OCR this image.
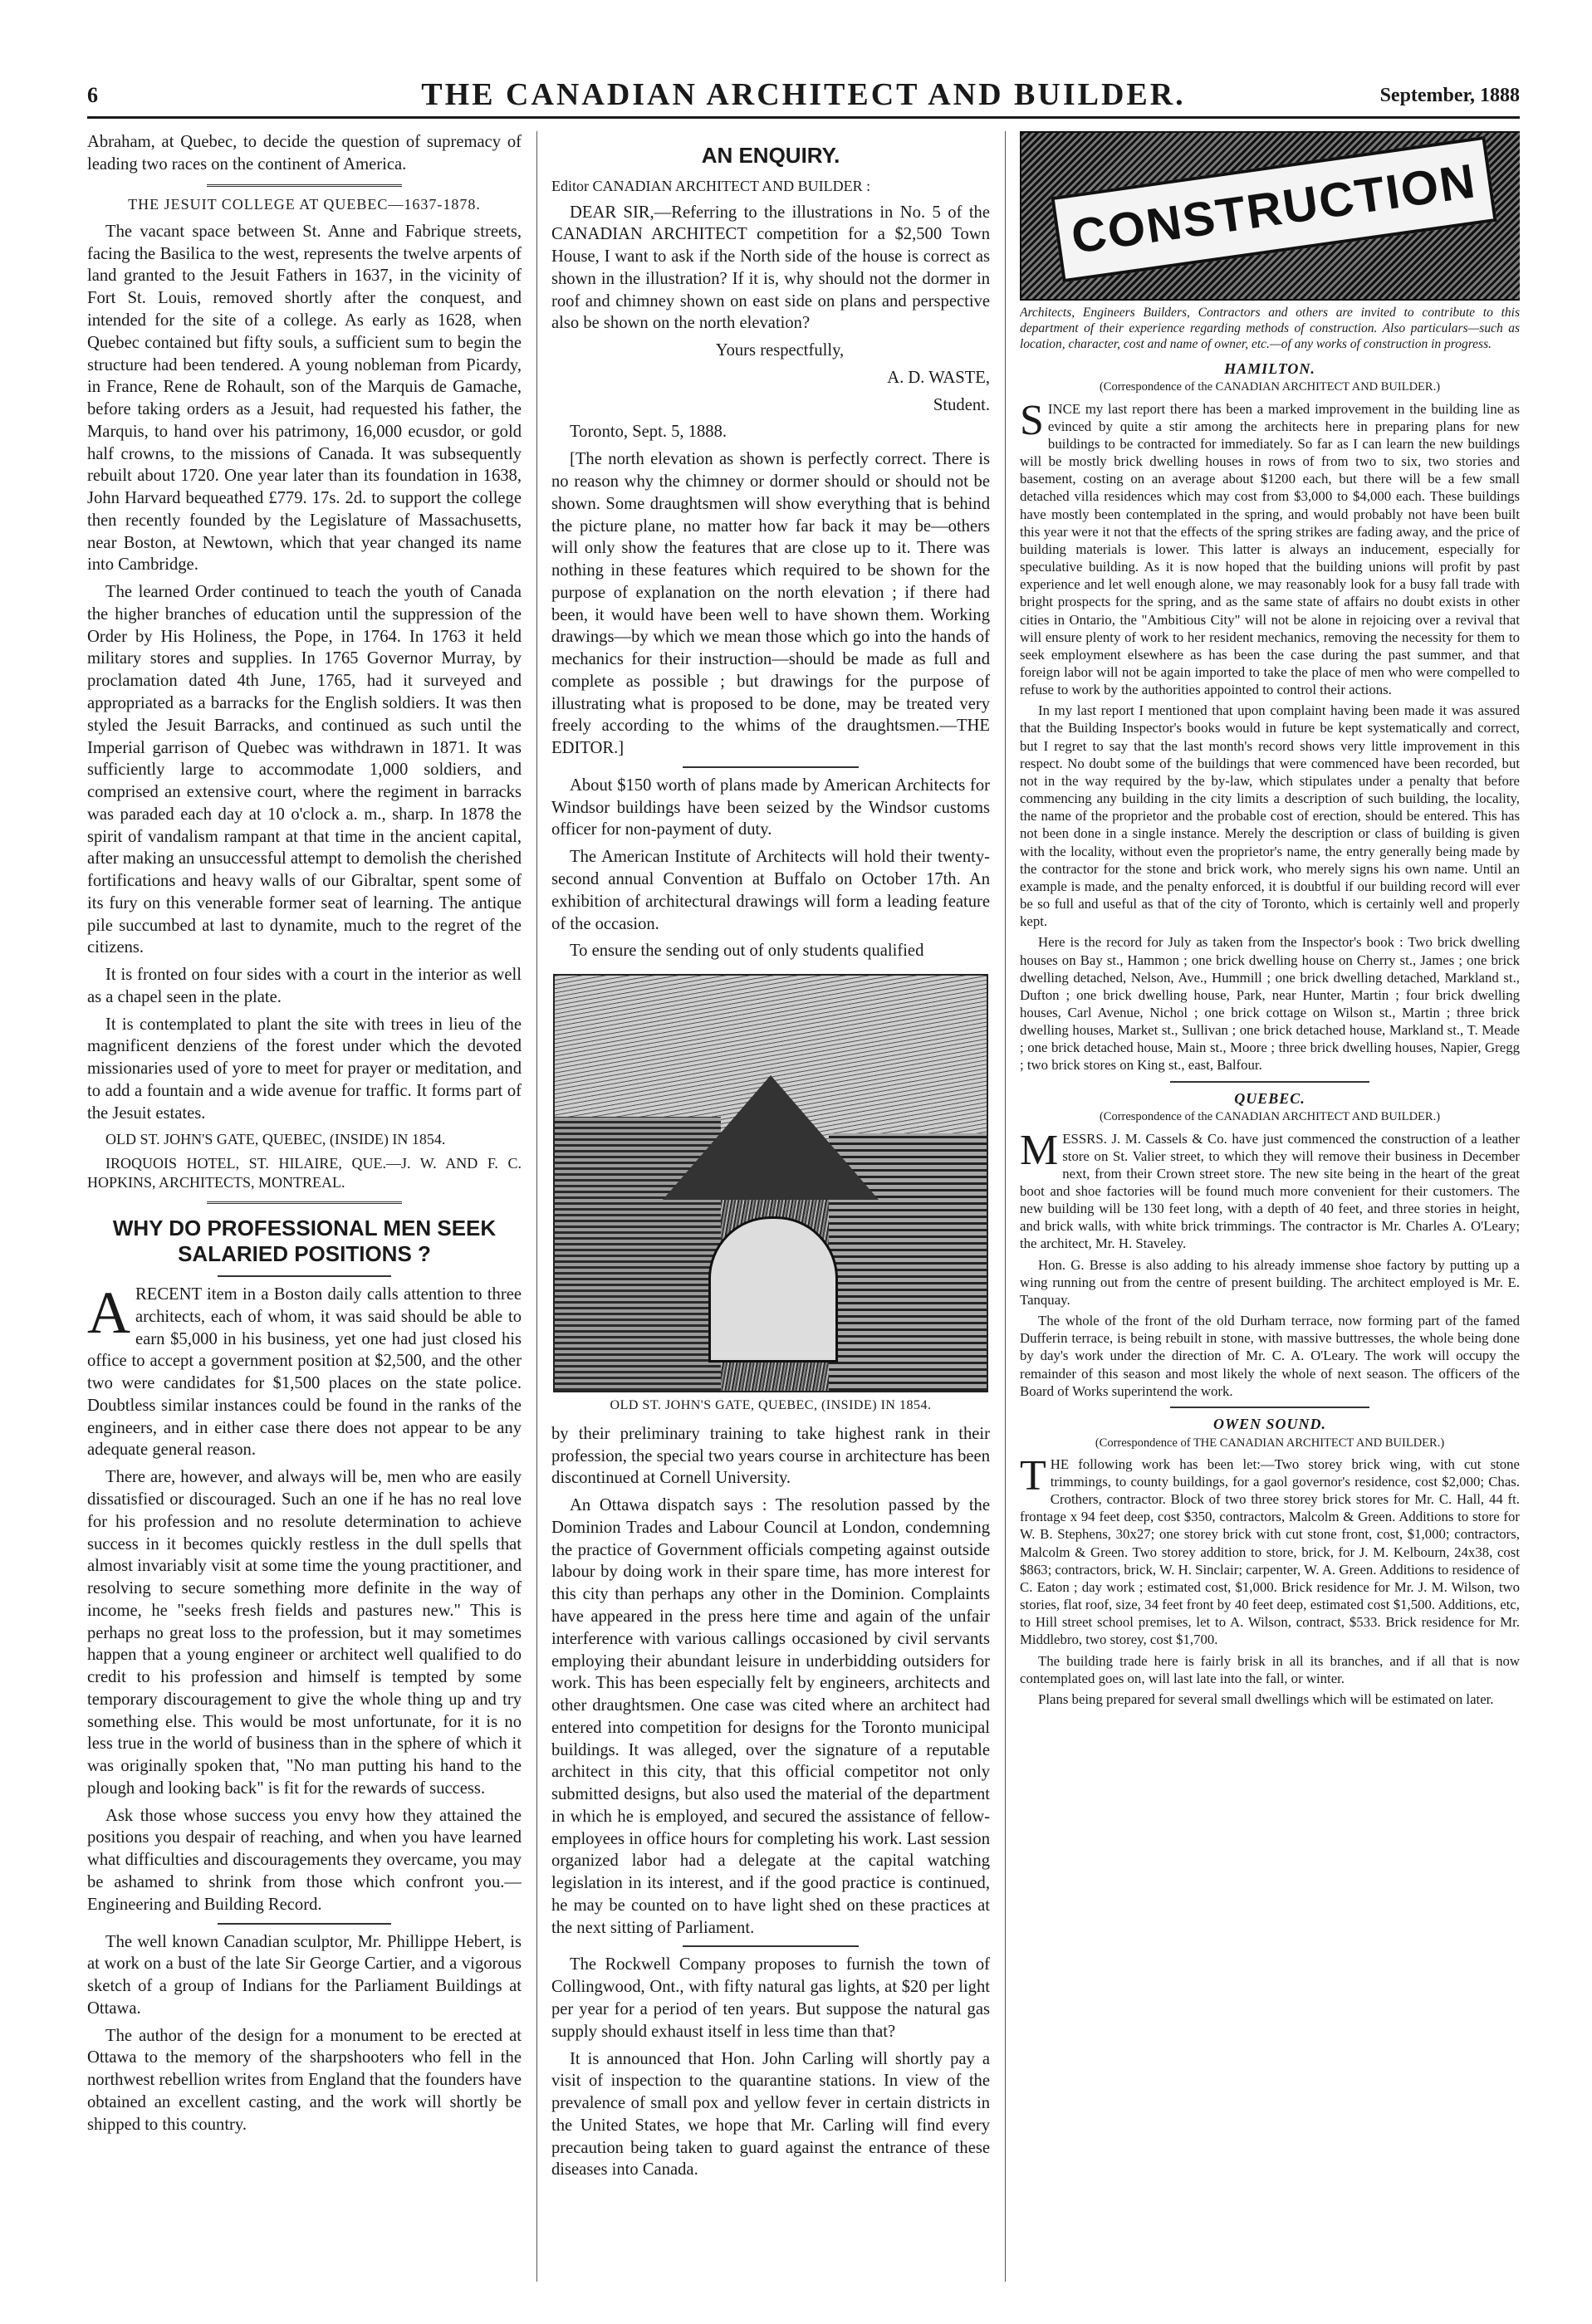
6	THE CANADIAN ARCHITECT AND BUILDER.	September, 1888

Abraham, at Quebec, to decide the question of supremacy of leading two races on the continent of America.

THE JESUIT COLLEGE AT QUEBEC—1637-1878.

The vacant space between St. Anne and Fabrique streets, facing the Basilica to the west, represents the twelve arpents of land granted to the Jesuit Fathers in 1637, in the vicinity of Fort St. Louis, removed shortly after the conquest, and intended for the site of a college. As early as 1628, when Quebec contained but fifty souls, a sufficient sum to begin the structure had been tendered. A young nobleman from Picardy, in France, Rene de Rohault, son of the Marquis de Gamache, before taking orders as a Jesuit, had requested his father, the Marquis, to hand over his patrimony, 16,000 ecusdor, or gold half crowns, to the missions of Canada. It was subsequently rebuilt about 1720. One year later than its foundation in 1638, John Harvard bequeathed £779. 17s. 2d. to support the college then recently founded by the Legislature of Massachusetts, near Boston, at Newtown, which that year changed its name into Cambridge.

The learned Order continued to teach the youth of Canada the higher branches of education until the suppression of the Order by His Holiness, the Pope, in 1764. In 1763 it held military stores and supplies. In 1765 Governor Murray, by proclamation dated 4th June, 1765, had it surveyed and appropriated as a barracks for the English soldiers. It was then styled the Jesuit Barracks, and continued as such until the Imperial garrison of Quebec was withdrawn in 1871. It was sufficiently large to accommodate 1,000 soldiers, and comprised an extensive court, where the regiment in barracks was paraded each day at 10 o'clock a. m., sharp. In 1878 the spirit of vandalism rampant at that time in the ancient capital, after making an unsuccessful attempt to demolish the cherished fortifications and heavy walls of our Gibraltar, spent some of its fury on this venerable former seat of learning. The antique pile succumbed at last to dynamite, much to the regret of the citizens.

It is fronted on four sides with a court in the interior as well as a chapel seen in the plate.

It is contemplated to plant the site with trees in lieu of the magnificent denziens of the forest under which the devoted missionaries used of yore to meet for prayer or meditation, and to add a fountain and a wide avenue for traffic. It forms part of the Jesuit estates.

OLD ST. JOHN'S GATE, QUEBEC, (INSIDE) IN 1854.

IROQUOIS HOTEL, ST. HILAIRE, QUE.—J. W. AND F. C. HOPKINS, ARCHITECTS, MONTREAL.

WHY DO PROFESSIONAL MEN SEEK SALARIED POSITIONS ?

ARECENT item in a Boston daily calls attention to three architects, each of whom, it was said should be able to earn $5,000 in his business, yet one had just closed his office to accept a government position at $2,500, and the other two were candidates for $1,500 places on the state police. Doubtless similar instances could be found in the ranks of the engineers, and in either case there does not appear to be any adequate general reason.

There are, however, and always will be, men who are easily dissatisfied or discouraged. Such an one if he has no real love for his profession and no resolute determination to achieve success in it becomes quickly restless in the dull spells that almost invariably visit at some time the young practitioner, and resolving to secure something more definite in the way of income, he "seeks fresh fields and pastures new." This is perhaps no great loss to the profession, but it may sometimes happen that a young engineer or architect well qualified to do credit to his profession and himself is tempted by some temporary discouragement to give the whole thing up and try something else. This would be most unfortunate, for it is no less true in the world of business than in the sphere of which it was originally spoken that, "No man putting his hand to the plough and looking back" is fit for the rewards of success.

Ask those whose success you envy how they attained the positions you despair of reaching, and when you have learned what difficulties and discouragements they overcame, you may be ashamed to shrink from those which confront you.—Engineering and Building Record.

The well known Canadian sculptor, Mr. Phillippe Hebert, is at work on a bust of the late Sir George Cartier, and a vigorous sketch of a group of Indians for the Parliament Buildings at Ottawa.

The author of the design for a monument to be erected at Ottawa to the memory of the sharpshooters who fell in the northwest rebellion writes from England that the founders have obtained an excellent casting, and the work will shortly be shipped to this country.

AN ENQUIRY.

Editor CANADIAN ARCHITECT AND BUILDER :

DEAR SIR,—Referring to the illustrations in No. 5 of the CANADIAN ARCHITECT competition for a $2,500 Town House, I want to ask if the North side of the house is correct as shown in the illustration? If it is, why should not the dormer in roof and chimney shown on east side on plans and perspective also be shown on the north elevation?

Yours respectfully,

A. D. WASTE,

Student.

Toronto, Sept. 5, 1888.

[The north elevation as shown is perfectly correct. There is no reason why the chimney or dormer should or should not be shown. Some draughtsmen will show everything that is behind the picture plane, no matter how far back it may be—others will only show the features that are close up to it. There was nothing in these features which required to be shown for the purpose of explanation on the north elevation ; if there had been, it would have been well to have shown them. Working drawings—by which we mean those which go into the hands of mechanics for their instruction—should be made as full and complete as possible ; but drawings for the purpose of illustrating what is proposed to be done, may be treated very freely according to the whims of the draughtsmen.—THE EDITOR.]

About $150 worth of plans made by American Architects for Windsor buildings have been seized by the Windsor customs officer for non-payment of duty.

The American Institute of Architects will hold their twenty-second annual Convention at Buffalo on October 17th. An exhibition of architectural drawings will form a leading feature of the occasion.

To ensure the sending out of only students qualified

OLD ST. JOHN'S GATE, QUEBEC, (INSIDE) IN 1854.

by their preliminary training to take highest rank in their profession, the special two years course in architecture has been discontinued at Cornell University.

An Ottawa dispatch says : The resolution passed by the Dominion Trades and Labour Council at London, condemning the practice of Government officials competing against outside labour by doing work in their spare time, has more interest for this city than perhaps any other in the Dominion. Complaints have appeared in the press here time and again of the unfair interference with various callings occasioned by civil servants employing their abundant leisure in underbidding outsiders for work. This has been especially felt by engineers, architects and other draughtsmen. One case was cited where an architect had entered into competition for designs for the Toronto municipal buildings. It was alleged, over the signature of a reputable architect in this city, that this official competitor not only submitted designs, but also used the material of the department in which he is employed, and secured the assistance of fellow-employees in office hours for completing his work. Last session organized labor had a delegate at the capital watching legislation in its interest, and if the good practice is continued, he may be counted on to have light shed on these practices at the next sitting of Parliament.

The Rockwell Company proposes to furnish the town of Collingwood, Ont., with fifty natural gas lights, at $20 per light per year for a period of ten years. But suppose the natural gas supply should exhaust itself in less time than that?

It is announced that Hon. John Carling will shortly pay a visit of inspection to the quarantine stations. In view of the prevalence of small pox and yellow fever in certain districts in the United States, we hope that Mr. Carling will find every precaution being taken to guard against the entrance of these diseases into Canada.

CONSTRUCTION

Architects, Engineers Builders, Contractors and others are invited to contribute to this department of their experience regarding methods of construction. Also particulars—such as location, character, cost and name of owner, etc.—of any works of construction in progress.

HAMILTON.
(Correspondence of the CANADIAN ARCHITECT AND BUILDER.)

SINCE my last report there has been a marked improvement in the building line as evinced by quite a stir among the architects here in preparing plans for new buildings to be contracted for immediately. So far as I can learn the new buildings will be mostly brick dwelling houses in rows of from two to six, two stories and basement, costing on an average about $1200 each, but there will be a few small detached villa residences which may cost from $3,000 to $4,000 each. These buildings have mostly been contemplated in the spring, and would probably not have been built this year were it not that the effects of the spring strikes are fading away, and the price of building materials is lower. This latter is always an inducement, especially for speculative building. As it is now hoped that the building unions will profit by past experience and let well enough alone, we may reasonably look for a busy fall trade with bright prospects for the spring, and as the same state of affairs no doubt exists in other cities in Ontario, the "Ambitious City" will not be alone in rejoicing over a revival that will ensure plenty of work to her resident mechanics, removing the necessity for them to seek employment elsewhere as has been the case during the past summer, and that foreign labor will not be again imported to take the place of men who were compelled to refuse to work by the authorities appointed to control their actions.

In my last report I mentioned that upon complaint having been made it was assured that the Building Inspector's books would in future be kept systematically and correct, but I regret to say that the last month's record shows very little improvement in this respect. No doubt some of the buildings that were commenced have been recorded, but not in the way required by the by-law, which stipulates under a penalty that before commencing any building in the city limits a description of such building, the locality, the name of the proprietor and the probable cost of erection, should be entered. This has not been done in a single instance. Merely the description or class of building is given with the locality, without even the proprietor's name, the entry generally being made by the contractor for the stone and brick work, who merely signs his own name. Until an example is made, and the penalty enforced, it is doubtful if our building record will ever be so full and useful as that of the city of Toronto, which is certainly well and properly kept.

Here is the record for July as taken from the Inspector's book : Two brick dwelling houses on Bay st., Hammon ; one brick dwelling house on Cherry st., James ; one brick dwelling detached, Nelson, Ave., Hummill ; one brick dwelling detached, Markland st., Dufton ; one brick dwelling house, Park, near Hunter, Martin ; four brick dwelling houses, Carl Avenue, Nichol ; one brick cottage on Wilson st., Martin ; three brick dwelling houses, Market st., Sullivan ; one brick detached house, Markland st., T. Meade ; one brick detached house, Main st., Moore ; three brick dwelling houses, Napier, Gregg ; two brick stores on King st., east, Balfour.

QUEBEC.
(Correspondence of the CANADIAN ARCHITECT AND BUILDER.)

MESSRS. J. M. Cassels & Co. have just commenced the construction of a leather store on St. Valier street, to which they will remove their business in December next, from their Crown street store. The new site being in the heart of the great boot and shoe factories will be found much more convenient for their customers. The new building will be 130 feet long, with a depth of 40 feet, and three stories in height, and brick walls, with white brick trimmings. The contractor is Mr. Charles A. O'Leary; the architect, Mr. H. Staveley.

Hon. G. Bresse is also adding to his already immense shoe factory by putting up a wing running out from the centre of present building. The architect employed is Mr. E. Tanquay.

The whole of the front of the old Durham terrace, now forming part of the famed Dufferin terrace, is being rebuilt in stone, with massive buttresses, the whole being done by day's work under the direction of Mr. C. A. O'Leary. The work will occupy the remainder of this season and most likely the whole of next season. The officers of the Board of Works superintend the work.

OWEN SOUND.
(Correspondence of THE CANADIAN ARCHITECT AND BUILDER.)

THE following work has been let:—Two storey brick wing, with cut stone trimmings, to county buildings, for a gaol governor's residence, cost $2,000; Chas. Crothers, contractor. Block of two three storey brick stores for Mr. C. Hall, 44 ft. frontage x 94 feet deep, cost $350, contractors, Malcolm & Green. Additions to store for W. B. Stephens, 30x27; one storey brick with cut stone front, cost, $1,000; contractors, Malcolm & Green. Two storey addition to store, brick, for J. M. Kelbourn, 24x38, cost $863; contractors, brick, W. H. Sinclair; carpenter, W. A. Green. Additions to residence of C. Eaton ; day work ; estimated cost, $1,000. Brick residence for Mr. J. M. Wilson, two stories, flat roof, size, 34 feet front by 40 feet deep, estimated cost $1,500. Additions, etc, to Hill street school premises, let to A. Wilson, contract, $533. Brick residence for Mr. Middlebro, two storey, cost $1,700.

The building trade here is fairly brisk in all its branches, and if all that is now contemplated goes on, will last late into the fall, or winter.

Plans being prepared for several small dwellings which will be estimated on later.
